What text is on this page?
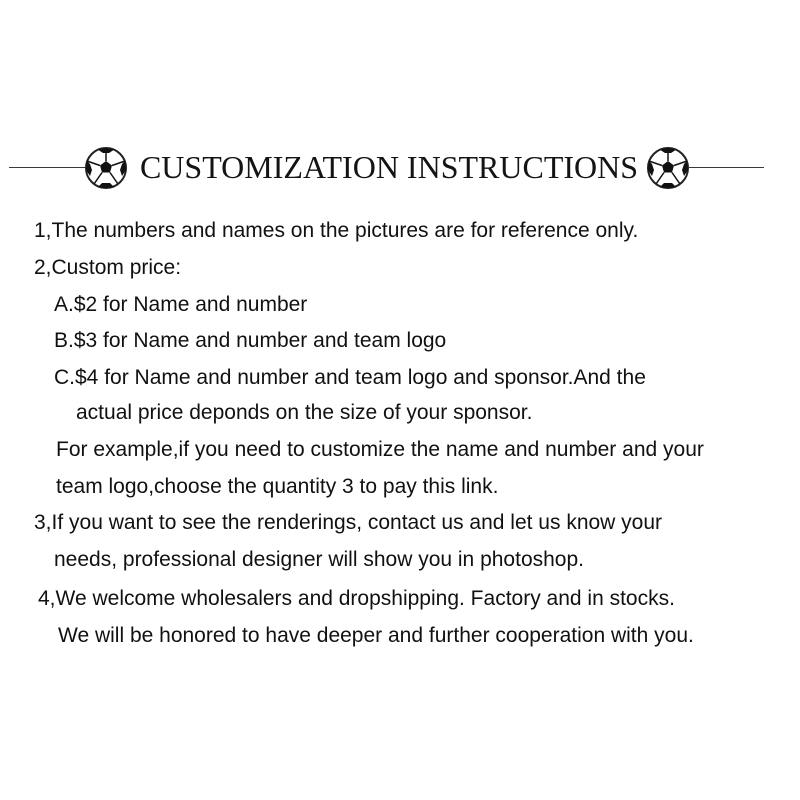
CUSTOMIZATION INSTRUCTIONS
1,The numbers and names on the pictures are for reference only.
2,Custom price:
A.$2 for Name and number
B.$3 for Name and number and team logo
C.$4 for Name and number and team logo and sponsor.And the
actual price deponds on the size of your sponsor.
For example,if you need to customize the name and number and your
team logo,choose the quantity 3 to pay this link.
3,If you want to see the renderings, contact us and let us know your
needs, professional designer will show you in photoshop.
4,We welcome wholesalers and dropshipping. Factory and in stocks.
We will be honored to have deeper and further cooperation with you.
